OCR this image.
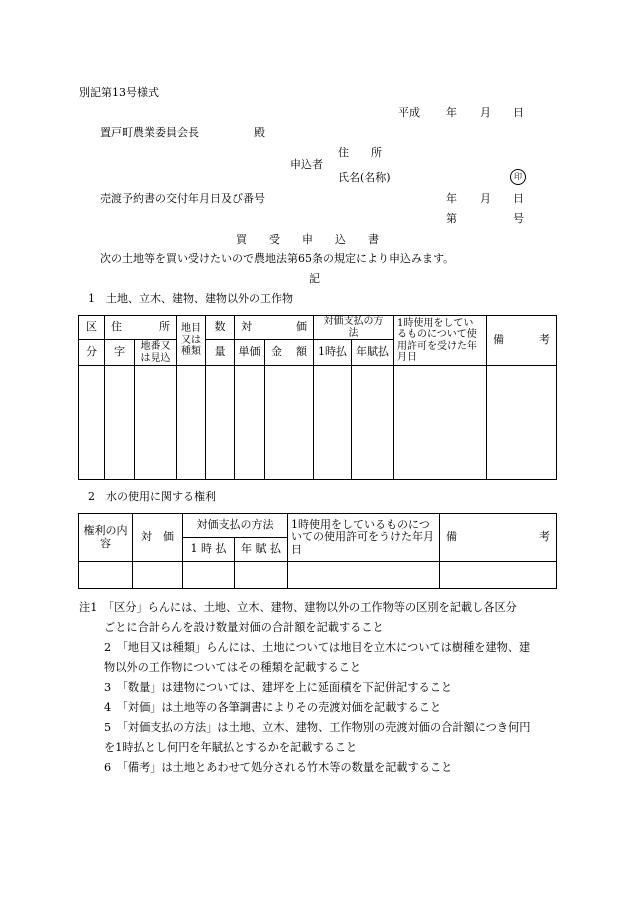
別記第13号様式
平成 年 月 日
置戸町農業委員会長	殿
住　　所
申込者
氏名(名称)	印
売渡予約書の交付年月日及び番号	年 月 日
第	号
買　　受　　申　　込　　書
次の土地等を買い受けたいので農地法第65条の規定により申込みます。
記
1　土地、立木、建物、建物以外の工作物
区	住　　所		地目又は種類	数	対　　価		対価支払の方　　法		1時使用をしているものについて使用許可を受けた年月日	備　　考
分	字	地番又は見込		量	単価	金　額	1時払	年賦払		

2　水の使用に関する権利
権利の内　容	対　価	対価支払の方法		1時使用をしているものについての使用許可をうけた年月日	備　　　考
		1 時 払	年 賦 払		

注1　「区分」らんには、土地、立木、建物、建物以外の工作物等の区別を記載し各区分
ごとに合計らんを設け数量対価の合計額を記載すること
2　「地目又は種類」らんには、土地については地目を立木については樹種を建物、建
物以外の工作物についてはその種類を記載すること
3　「数量」は建物については、建坪を上に延面積を下記併記すること
4　「対価」は土地等の各筆調書によりその売渡対価を記載すること
5　「対価支払の方法」は土地、立木、建物、工作物別の売渡対価の合計額につき何円
を1時払とし何円を年賦払とするかを記載すること
6　「備考」は土地とあわせて処分される竹木等の数量を記載すること
